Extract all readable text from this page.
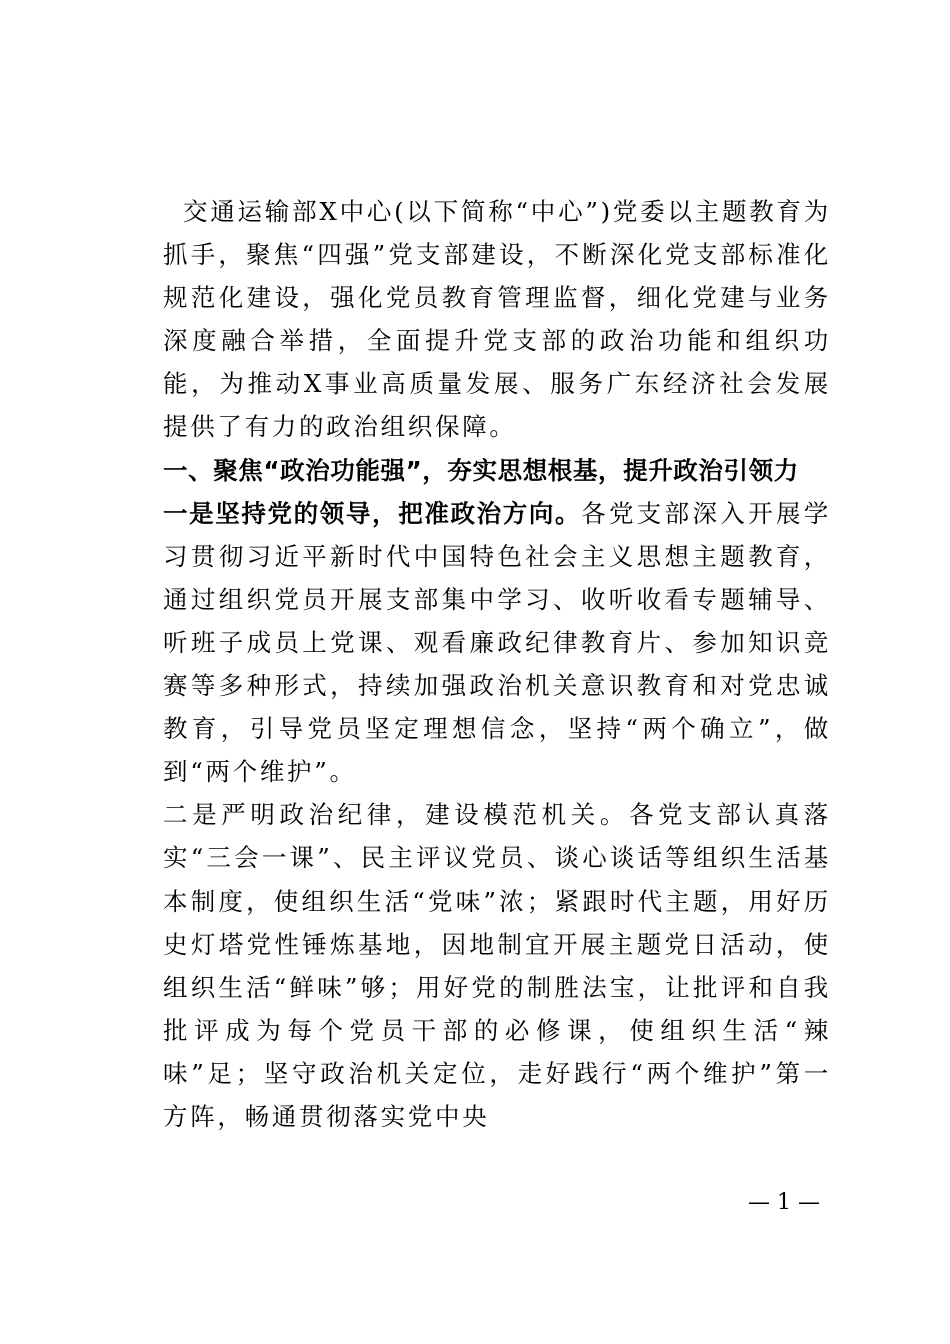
交通运输部X中心(以下简称“中心”)党委以主题教育为抓手，聚焦“四强”党支部建设，不断深化党支部标准化规范化建设，强化党员教育管理监督，细化党建与业务深度融合举措，全面提升党支部的政治功能和组织功能，为推动X事业高质量发展、服务广东经济社会发展提供了有力的政治组织保障。

一、聚焦“政治功能强”，夯实思想根基，提升政治引领力

一是坚持党的领导，把准政治方向。各党支部深入开展学习贯彻习近平新时代中国特色社会主义思想主题教育，通过组织党员开展支部集中学习、收听收看专题辅导、听班子成员上党课、观看廉政纪律教育片、参加知识竞赛等多种形式，持续加强政治机关意识教育和对党忠诚教育，引导党员坚定理想信念，坚持“两个确立”，做到“两个维护”。

二是严明政治纪律，建设模范机关。各党支部认真落实“三会一课”、民主评议党员、谈心谈话等组织生活基本制度，使组织生活“党味”浓；紧跟时代主题，用好历史灯塔党性锤炼基地，因地制宜开展主题党日活动，使组织生活“鲜味”够；用好党的制胜法宝，让批评和自我批评成为每个党员干部的必修课，使组织生活“辣味”足；坚守政治机关定位，走好践行“两个维护”第一方阵，畅通贯彻落实党中央

— 1 —
